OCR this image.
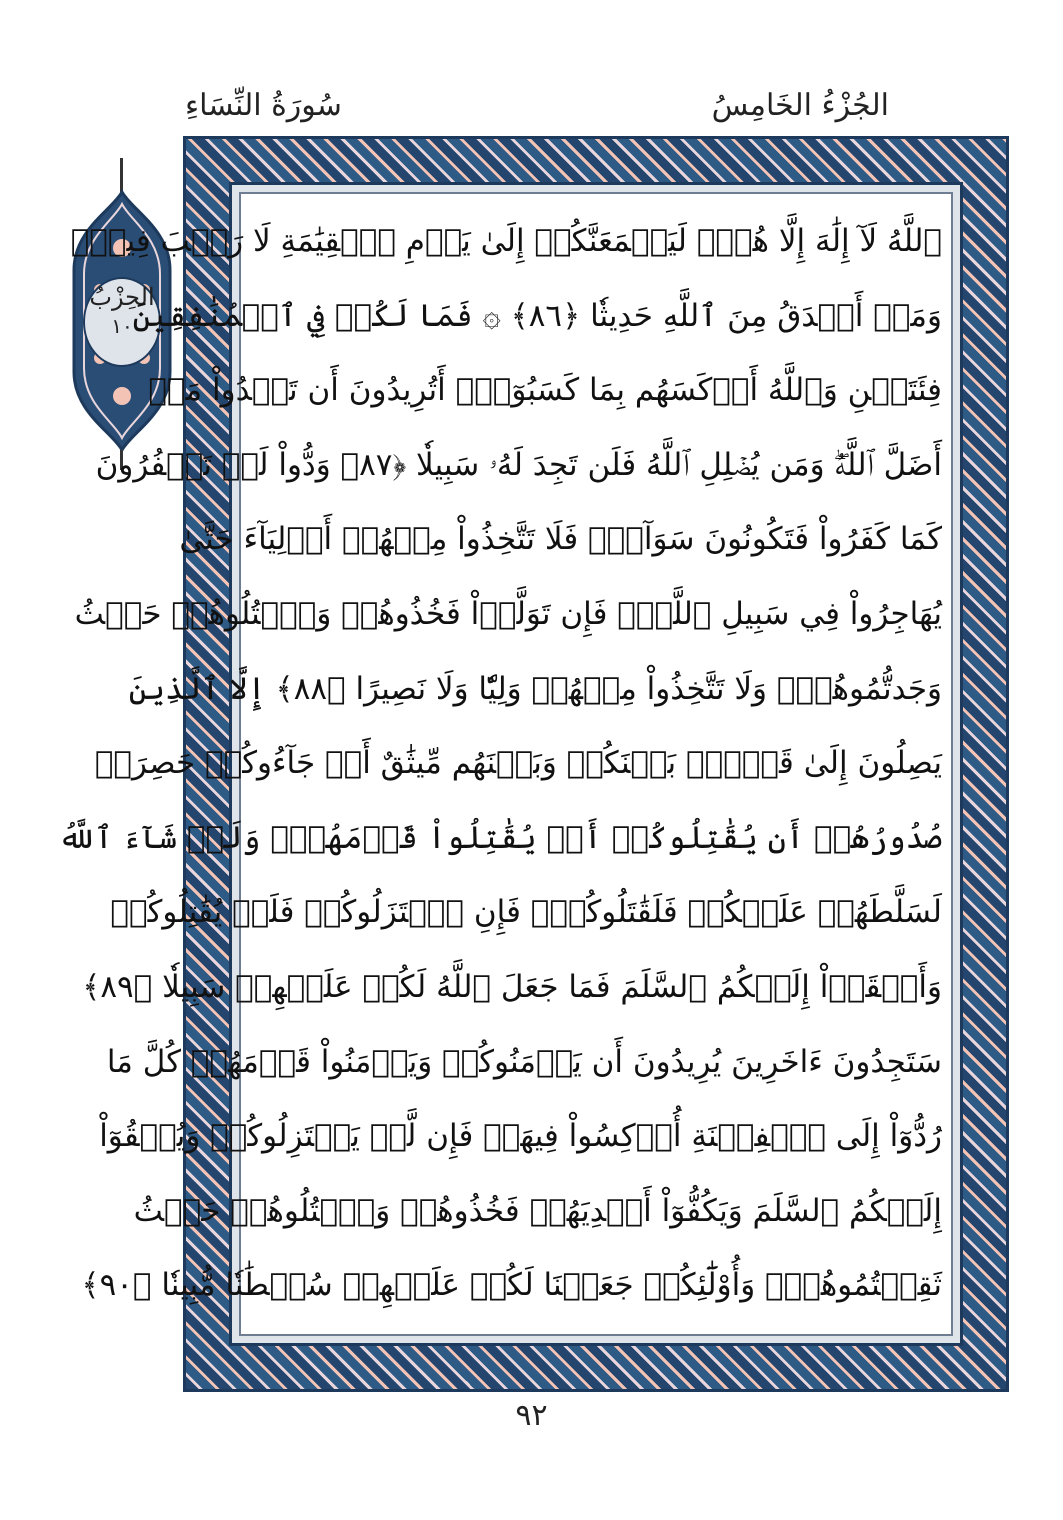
الجُزْءُ الخَامِسُ
سُورَةُ النِّسَاءِ
الحِزْبُ
١٠
ٱللَّهُ لَآ إِلَٰهَ إِلَّا هُوَۚ لَيَجۡمَعَنَّكُمۡ إِلَىٰ يَوۡمِ ٱلۡقِيَٰمَةِ لَا رَيۡبَ فِيهِۗ
وَمَنۡ أَصۡدَقُ مِنَ ٱللَّهِ حَدِيثٗا ﴿٨٦﴾ ۞ فَمَا لَكُمۡ فِي ٱلۡمُنَٰفِقِينَ
فِئَتَيۡنِ وَٱللَّهُ أَرۡكَسَهُم بِمَا كَسَبُوٓاْۚ أَتُرِيدُونَ أَن تَهۡدُواْ مَنۡ
أَضَلَّ ٱللَّهُۖ وَمَن يُضۡلِلِ ٱللَّهُ فَلَن تَجِدَ لَهُۥ سَبِيلٗا ﴿٨٧﴾ وَدُّواْ لَوۡ تَكۡفُرُونَ
كَمَا كَفَرُواْ فَتَكُونُونَ سَوَآءٗۖ فَلَا تَتَّخِذُواْ مِنۡهُمۡ أَوۡلِيَآءَ حَتَّىٰ
يُهَاجِرُواْ فِي سَبِيلِ ٱللَّهِۚ فَإِن تَوَلَّوۡاْ فَخُذُوهُمۡ وَٱقۡتُلُوهُمۡ حَيۡثُ
وَجَدتُّمُوهُمۡۖ وَلَا تَتَّخِذُواْ مِنۡهُمۡ وَلِيّٗا وَلَا نَصِيرًا ﴿٨٨﴾ إِلَّا ٱلَّذِينَ
يَصِلُونَ إِلَىٰ قَوۡمِۭ بَيۡنَكُمۡ وَبَيۡنَهُم مِّيثَٰقٌ أَوۡ جَآءُوكُمۡ حَصِرَتۡ
صُدُورُهُمۡ أَن يُقَٰتِلُوكُمۡ أَوۡ يُقَٰتِلُواْ قَوۡمَهُمۡۚ وَلَوۡ شَآءَ ٱللَّهُ
لَسَلَّطَهُمۡ عَلَيۡكُمۡ فَلَقَٰتَلُوكُمۡۚ فَإِنِ ٱعۡتَزَلُوكُمۡ فَلَمۡ يُقَٰتِلُوكُمۡ
وَأَلۡقَوۡاْ إِلَيۡكُمُ ٱلسَّلَمَ فَمَا جَعَلَ ٱللَّهُ لَكُمۡ عَلَيۡهِمۡ سَبِيلٗا ﴿٨٩﴾
سَتَجِدُونَ ءَاخَرِينَ يُرِيدُونَ أَن يَأۡمَنُوكُمۡ وَيَأۡمَنُواْ قَوۡمَهُمۡ كُلَّ مَا
رُدُّوٓاْ إِلَى ٱلۡفِتۡنَةِ أُرۡكِسُواْ فِيهَاۚ فَإِن لَّمۡ يَعۡتَزِلُوكُمۡ وَيُلۡقُوٓاْ
إِلَيۡكُمُ ٱلسَّلَمَ وَيَكُفُّوٓاْ أَيۡدِيَهُمۡ فَخُذُوهُمۡ وَٱقۡتُلُوهُمۡ حَيۡثُ
ثَقِفۡتُمُوهُمۡۚ وَأُوْلَٰٓئِكُمۡ جَعَلۡنَا لَكُمۡ عَلَيۡهِمۡ سُلۡطَٰنٗا مُّبِينٗا ﴿٩٠﴾
٩٢
